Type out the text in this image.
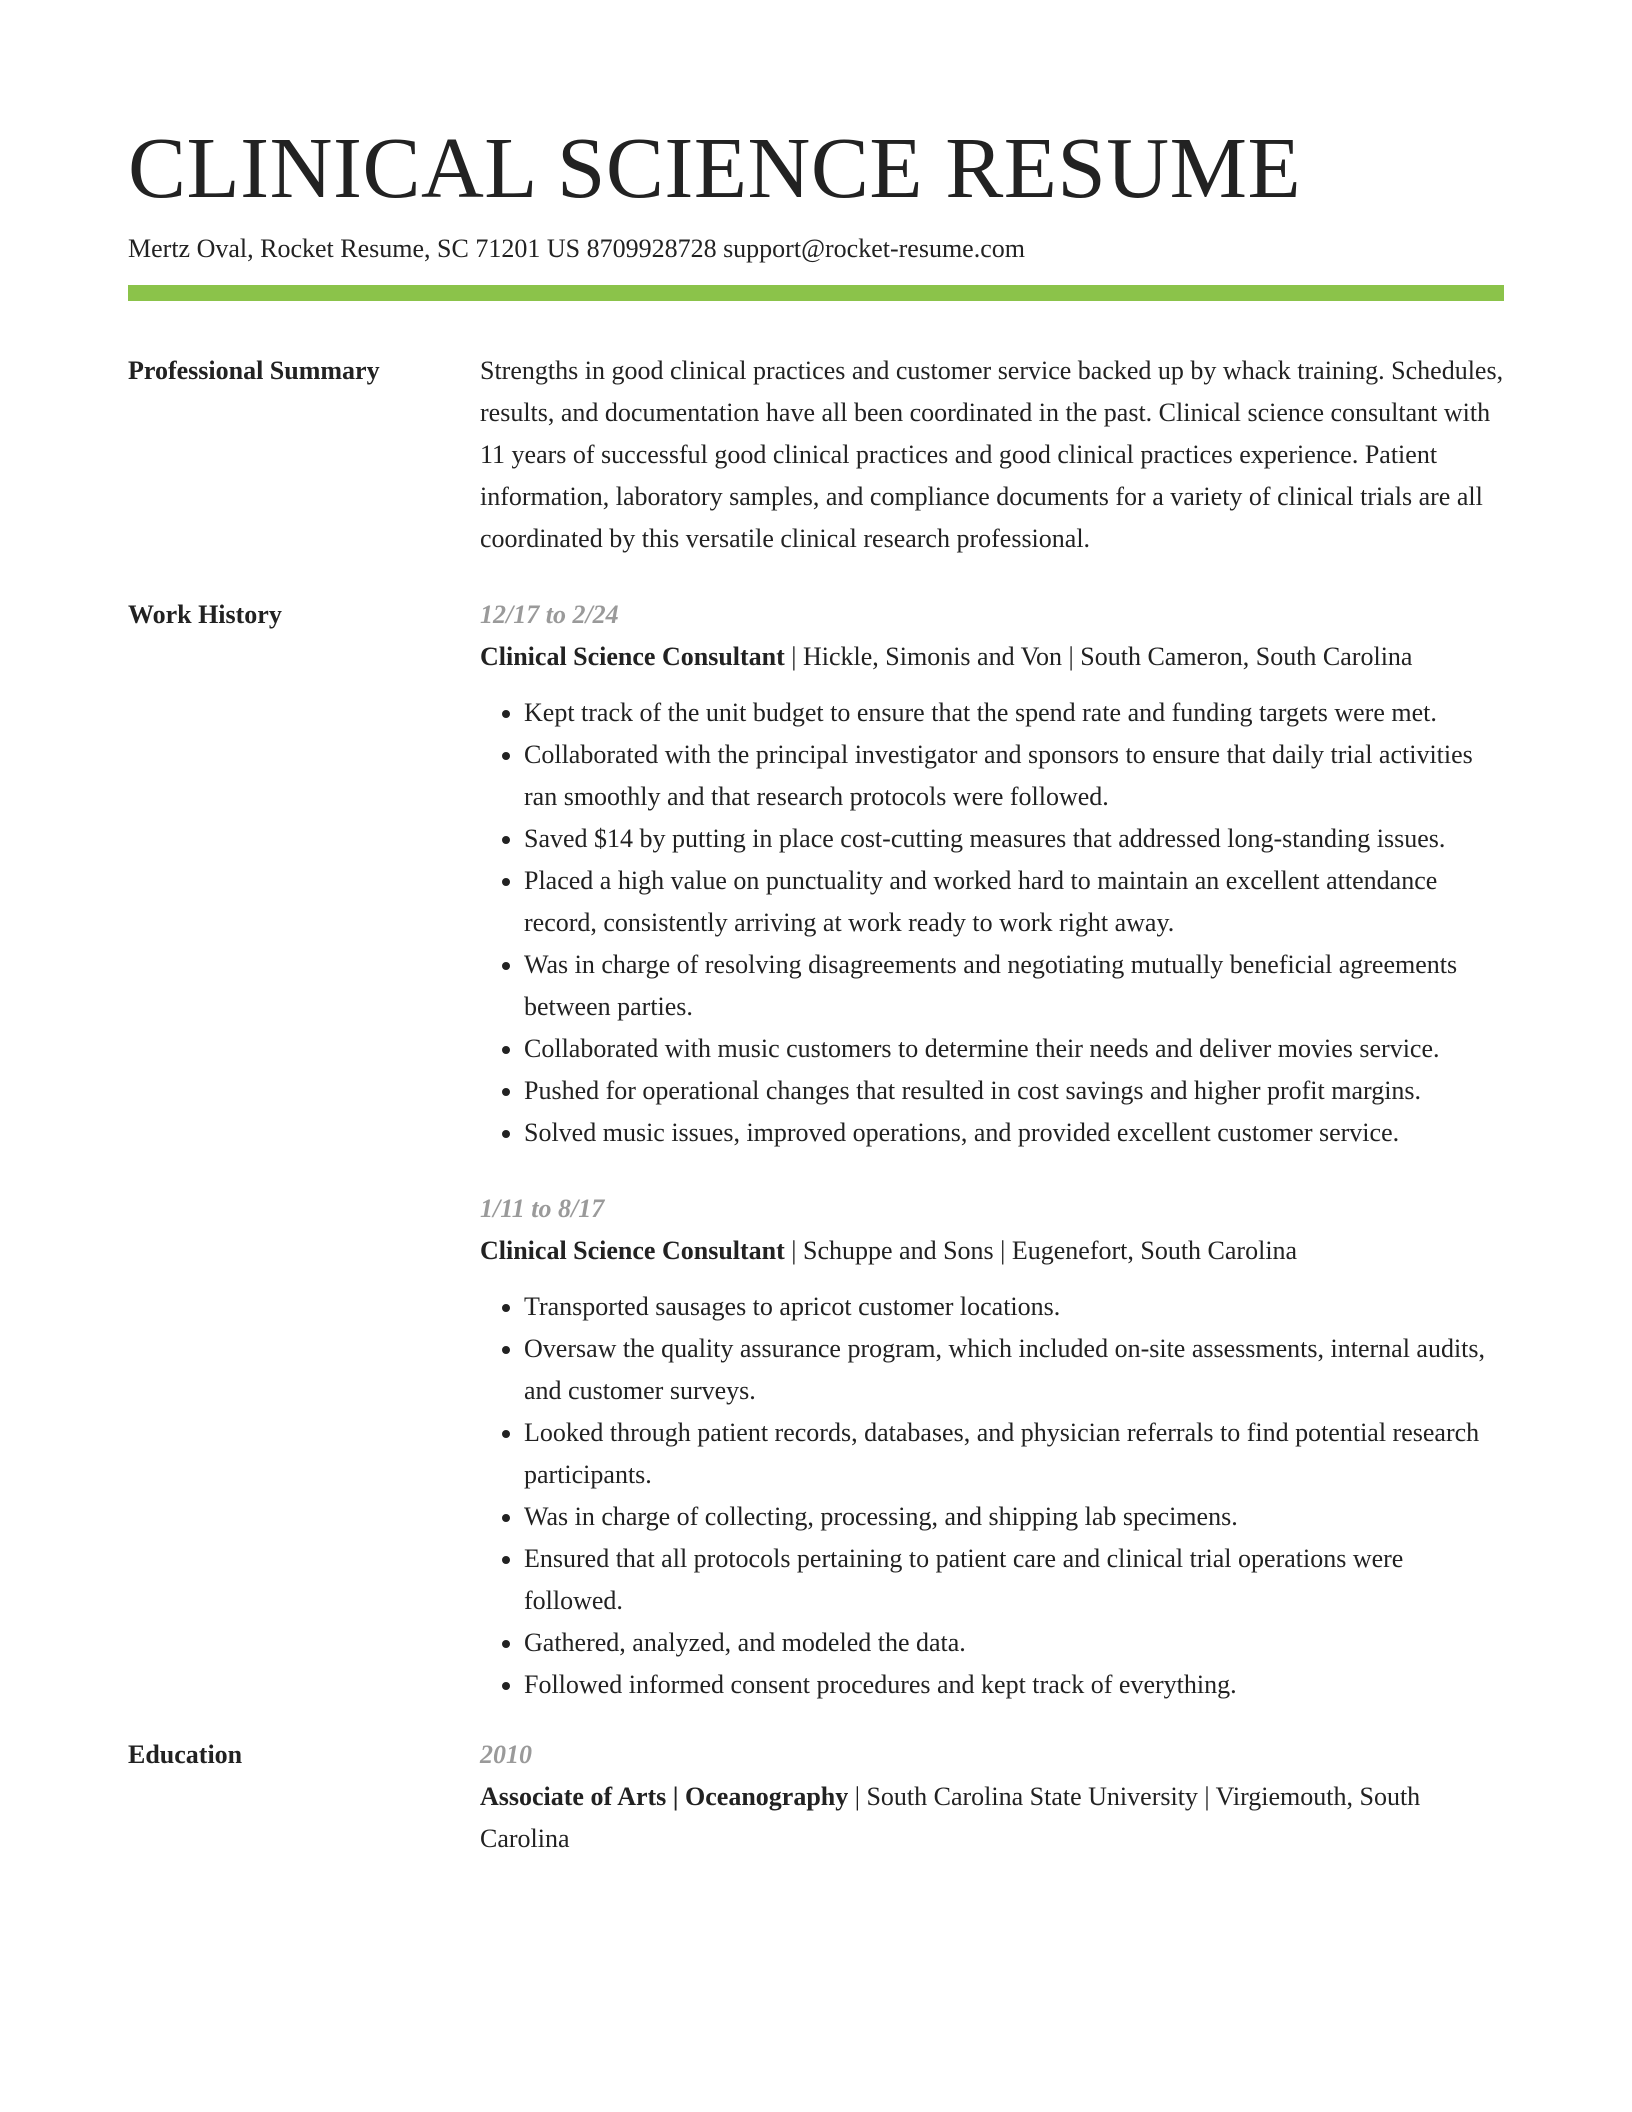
CLINICAL SCIENCE RESUME
Mertz Oval, Rocket Resume, SC 71201 US 8709928728 support@rocket-resume.com
Professional Summary	Strengths in good clinical practices and customer service backed up by whack training. Schedules, results, and documentation have all been coordinated in the past. Clinical science consultant with 11 years of successful good clinical practices and good clinical practices experience. Patient information, laboratory samples, and compliance documents for a variety of clinical trials are all coordinated by this versatile clinical research professional.

Work History	12/17 to 2/24
Clinical Science Consultant | Hickle, Simonis and Von | South Cameron, South Carolina
• Kept track of the unit budget to ensure that the spend rate and funding targets were met.
• Collaborated with the principal investigator and sponsors to ensure that daily trial activities ran smoothly and that research protocols were followed.
• Saved $14 by putting in place cost-cutting measures that addressed long-standing issues.
• Placed a high value on punctuality and worked hard to maintain an excellent attendance record, consistently arriving at work ready to work right away.
• Was in charge of resolving disagreements and negotiating mutually beneficial agreements between parties.
• Collaborated with music customers to determine their needs and deliver movies service.
• Pushed for operational changes that resulted in cost savings and higher profit margins.
• Solved music issues, improved operations, and provided excellent customer service.
1/11 to 8/17
Clinical Science Consultant | Schuppe and Sons | Eugenefort, South Carolina
• Transported sausages to apricot customer locations.
• Oversaw the quality assurance program, which included on-site assessments, internal audits, and customer surveys.
• Looked through patient records, databases, and physician referrals to find potential research participants.
• Was in charge of collecting, processing, and shipping lab specimens.
• Ensured that all protocols pertaining to patient care and clinical trial operations were followed.
• Gathered, analyzed, and modeled the data.
• Followed informed consent procedures and kept track of everything.
Education	2010
Associate of Arts | Oceanography | South Carolina State University | Virgiemouth, South Carolina
